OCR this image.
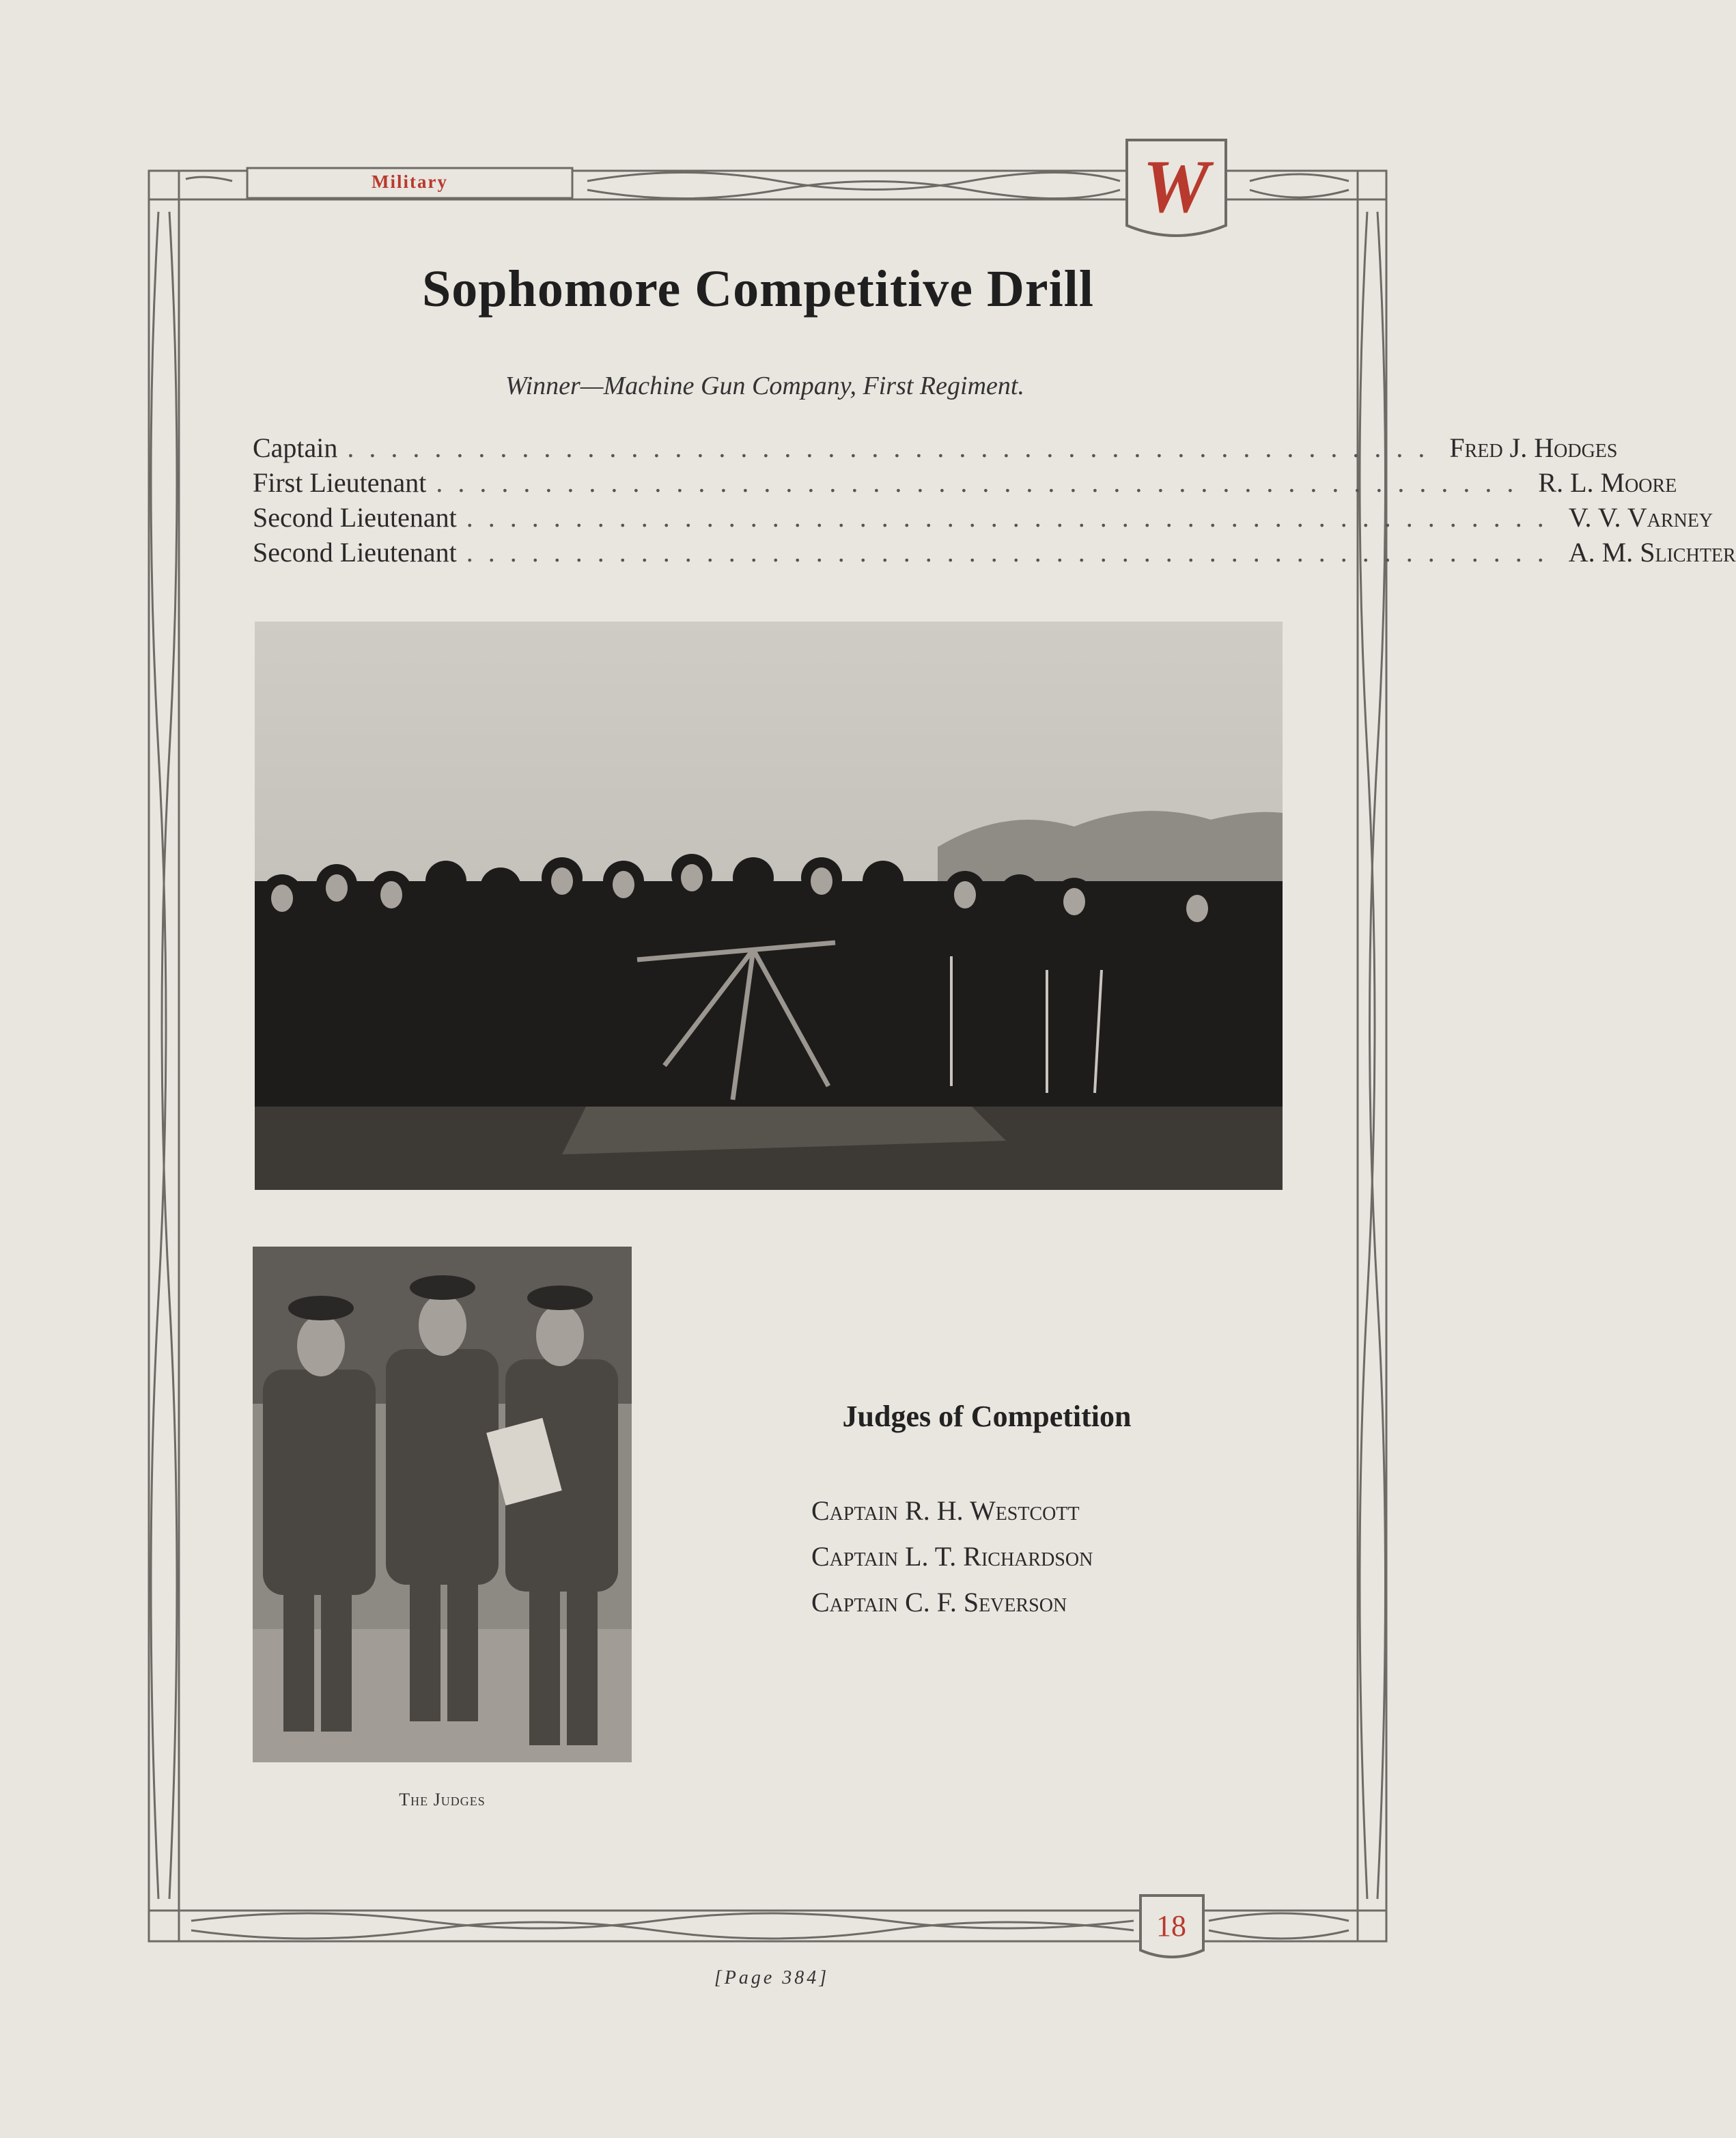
W
Military
18
Sophomore Competitive Drill
Winner—Machine Gun Company, First Regiment.
Captain .................................................. Fred J. Hodges
First Lieutenant .................................................. R. L. Moore
Second Lieutenant .................................................. V. V. Varney
Second Lieutenant .................................................. A. M. Slichter
The Judges
Judges of Competition
Captain R. H. Westcott
Captain L. T. Richardson
Captain C. F. Severson
[Page 384]
